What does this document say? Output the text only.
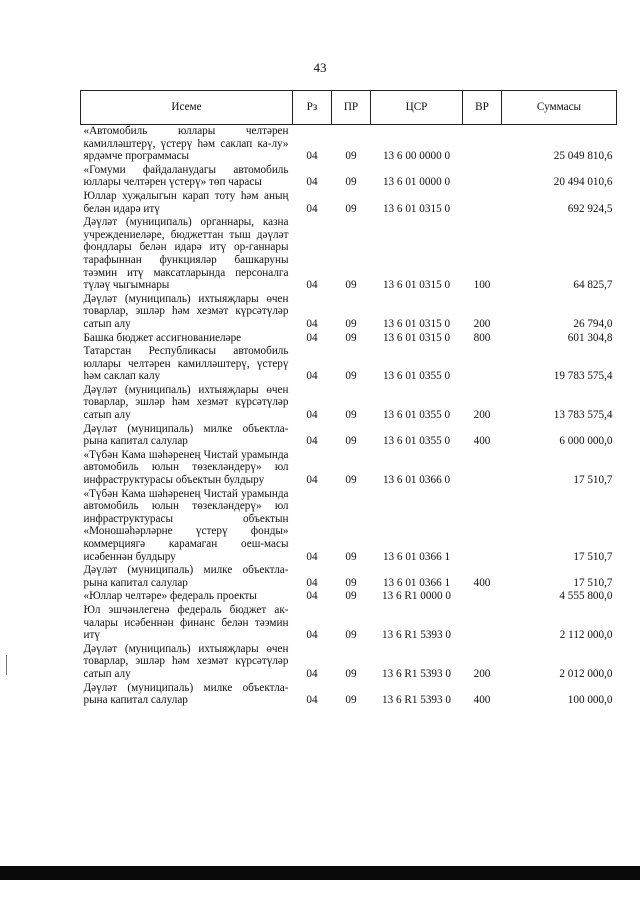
43
Исеме	Рз	ПР	ЦСР	ВР	Суммасы
«Автомобиль юллары челтәрен камилләштерү, үстерү һәм саклап ка-лу» ярдәмче программасы	04	09	13 6 00 0000 0		25 049 810,6
«Гомуми файдаланудагы автомобиль юллары челтәрен үстерү» төп чарасы	04	09	13 6 01 0000 0		20 494 010,6
Юллар хуҗалыгын карап тоту һәм аның белән идарә итү	04	09	13 6 01 0315 0		692 924,5
Дәүләт (муниципаль) органнары, казна учреждениеләре, бюджеттан тыш дәүләт фондлары белән идарә итү ор-ганнары тарафыннан функцияләр башкаруны тәэмин итү максатларында персоналга түләү чыгымнары	04	09	13 6 01 0315 0	100	64 825,7
Дәүләт (муниципаль) ихтыяҗлары өчен товарлар, эшләр һәм хезмәт күрсәтүләр сатып алу	04	09	13 6 01 0315 0	200	26 794,0
Башка бюджет ассигнованиеләре	04	09	13 6 01 0315 0	800	601 304,8
Татарстан Республикасы автомобиль юллары челтәрен камилләштерү, үстерү һәм саклап калу	04	09	13 6 01 0355 0		19 783 575,4
Дәүләт (муниципаль) ихтыяҗлары өчен товарлар, эшләр һәм хезмәт күрсәтүләр сатып алу	04	09	13 6 01 0355 0	200	13 783 575,4
Дәүләт (муниципаль) милке объектла-рына капитал салулар	04	09	13 6 01 0355 0	400	6 000 000,0
«Түбән Кама шәһәренең Чистай урамында автомобиль юлын төзекләндерү» юл инфраструктурасы объектын булдыру	04	09	13 6 01 0366 0		17 510,7
«Түбән Кама шәһәренең Чистай урамында автомобиль юлын төзекләндерү» юл инфраструктурасы объектын «Моношәһәрләрне үстерү фонды» коммерциягә карамаган оеш-масы исәбеннән булдыру	04	09	13 6 01 0366 1		17 510,7
Дәүләт (муниципаль) милке объектла-рына капитал салулар	04	09	13 6 01 0366 1	400	17 510,7
«Юллар челтәре» федераль проекты	04	09	13 6 R1 0000 0		4 555 800,0
Юл эшчәнлегенә федераль бюджет ак-чалары исәбеннән финанс белән тәэмин итү	04	09	13 6 R1 5393 0		2 112 000,0
Дәүләт (муниципаль) ихтыяҗлары өчен товарлар, эшләр һәм хезмәт күрсәтүләр сатып алу	04	09	13 6 R1 5393 0	200	2 012 000,0
Дәүләт (муниципаль) милке объектла-рына капитал салулар	04	09	13 6 R1 5393 0	400	100 000,0
